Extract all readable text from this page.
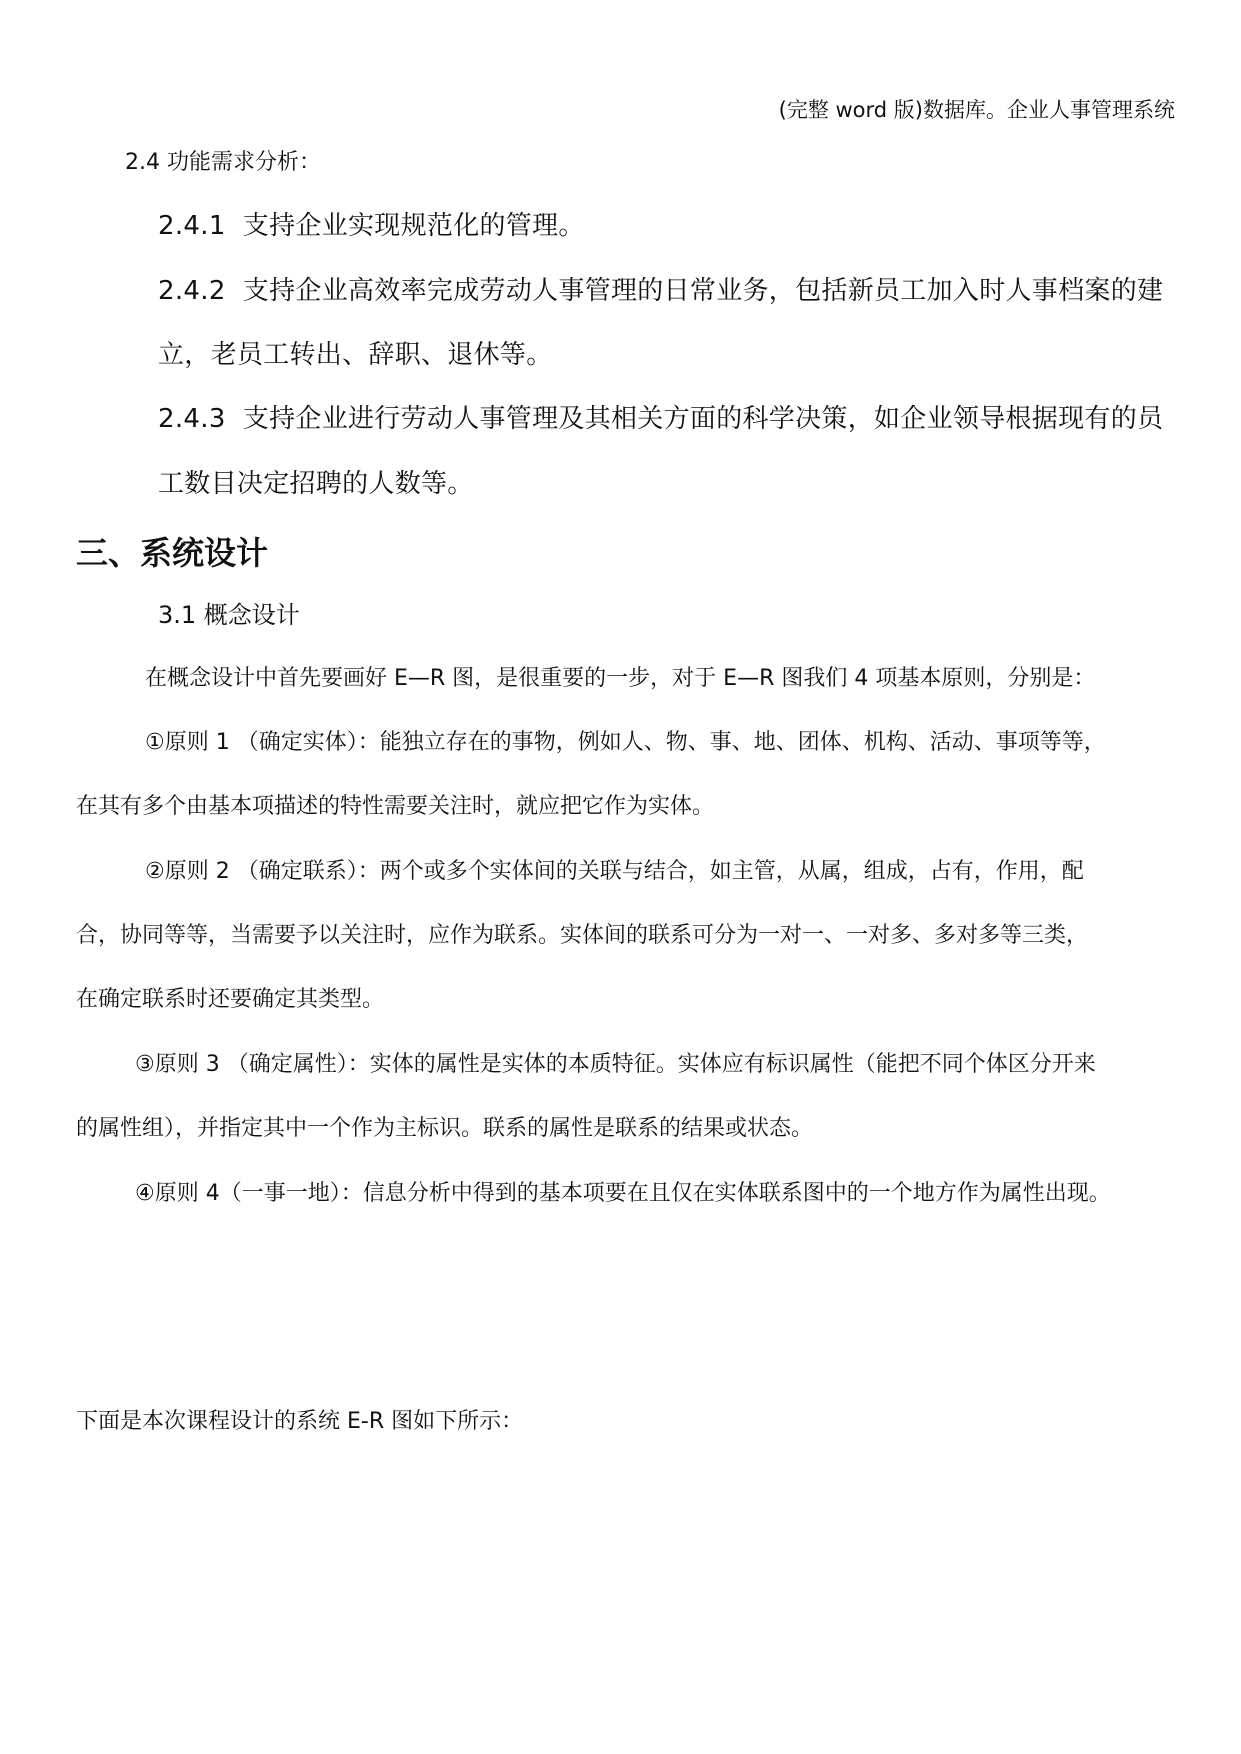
(完整 word 版)数据库。企业人事管理系统
2.4 功能需求分析：
2.4.1 支持企业实现规范化的管理。
2.4.2 支持企业高效率完成劳动人事管理的日常业务，包括新员工加入时人事档案的建
立，老员工转出、辞职、退休等。
2.4.3 支持企业进行劳动人事管理及其相关方面的科学决策，如企业领导根据现有的员
工数目决定招聘的人数等。
三、系统设计
3.1 概念设计
在概念设计中首先要画好 E—R 图，是很重要的一步，对于 E—R 图我们 4 项基本原则，分别是：
①原则 1 （确定实体）：能独立存在的事物，例如人、物、事、地、团体、机构、活动、事项等等，
在其有多个由基本项描述的特性需要关注时，就应把它作为实体。
②原则 2 （确定联系）：两个或多个实体间的关联与结合，如主管，从属，组成，占有，作用，配
合，协同等等，当需要予以关注时，应作为联系。实体间的联系可分为一对一、一对多、多对多等三类，
在确定联系时还要确定其类型。
③原则 3 （确定属性）：实体的属性是实体的本质特征。实体应有标识属性（能把不同个体区分开来
的属性组），并指定其中一个作为主标识。联系的属性是联系的结果或状态。
④原则 4（一事一地）：信息分析中得到的基本项要在且仅在实体联系图中的一个地方作为属性出现。
下面是本次课程设计的系统 E-R 图如下所示：
